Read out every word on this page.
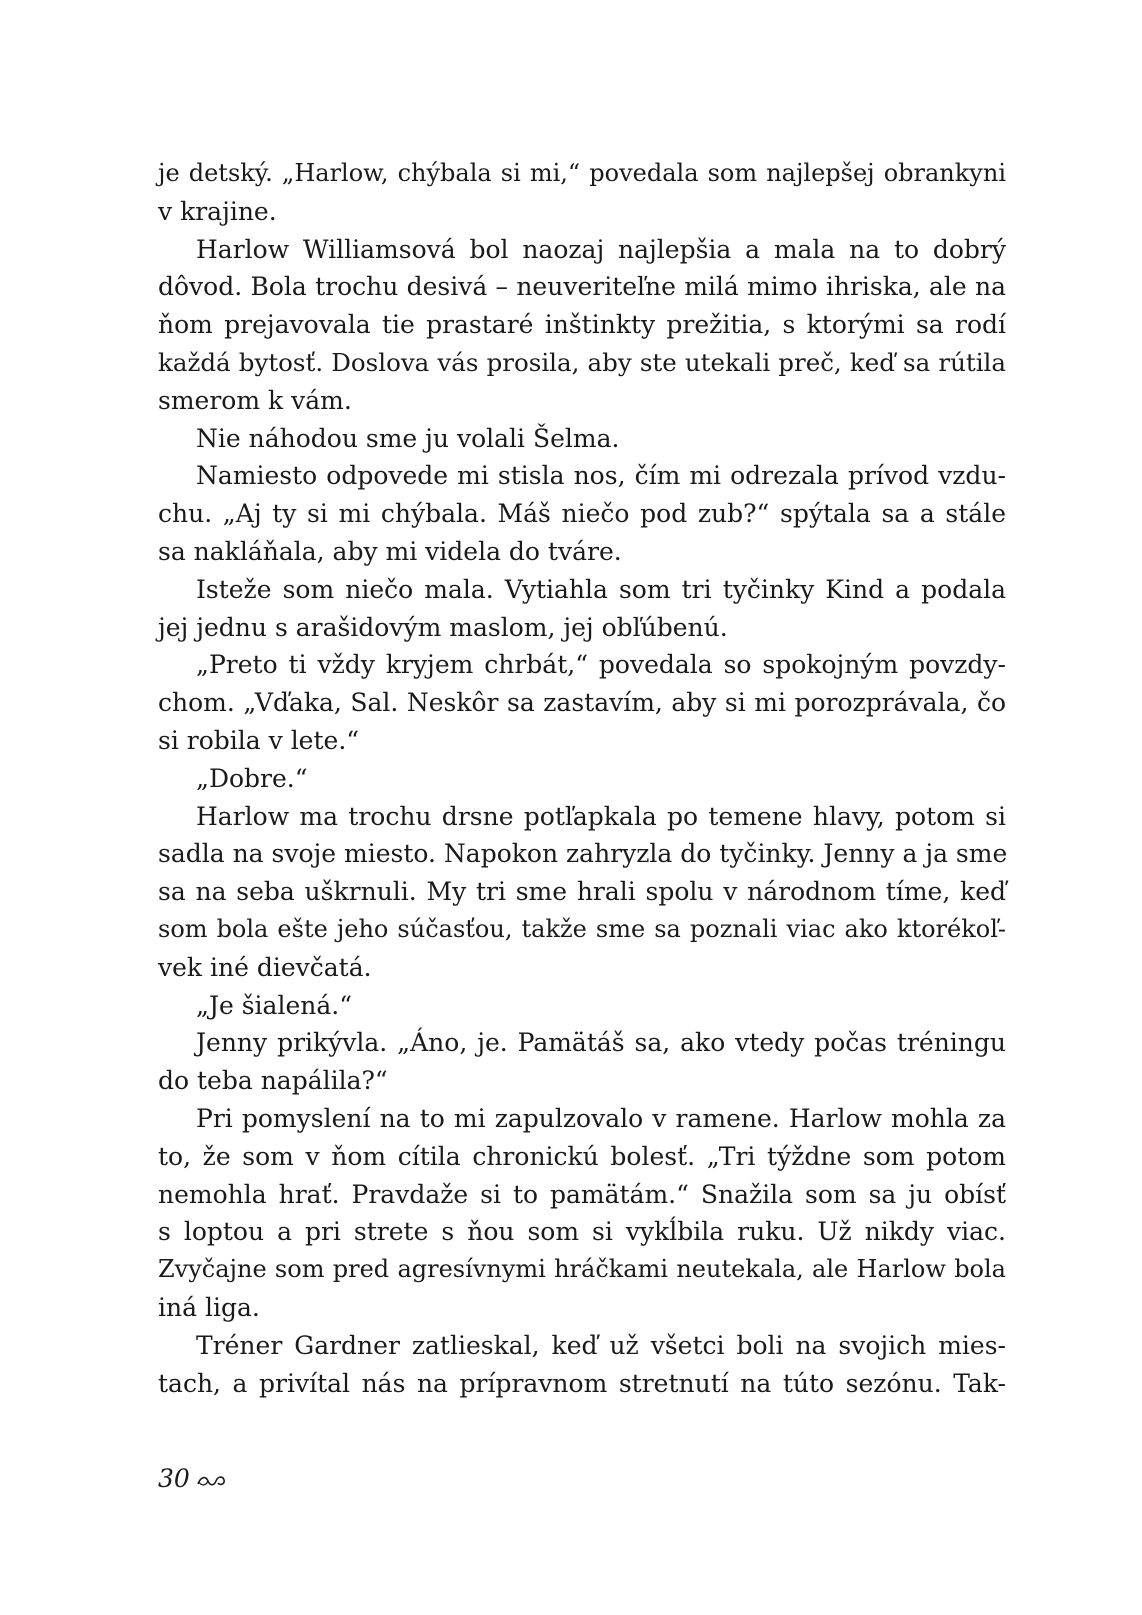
je detský. „Harlow, chýbala si mi,“ povedala som najlepšej obrankyni
v krajine.
Harlow Williamsová bol naozaj najlepšia a mala na to dobrý
dôvod. Bola trochu desivá – neuveriteľne milá mimo ihriska, ale na
ňom prejavovala tie prastaré inštinkty prežitia, s ktorými sa rodí
každá bytosť. Doslova vás prosila, aby ste utekali preč, keď sa rútila
smerom k vám.
Nie náhodou sme ju volali Šelma.
Namiesto odpovede mi stisla nos, čím mi odrezala prívod vzdu-
chu. „Aj ty si mi chýbala. Máš niečo pod zub?“ spýtala sa a stále
sa nakláňala, aby mi videla do tváre.
Isteže som niečo mala. Vytiahla som tri tyčinky Kind a podala
jej jednu s arašidovým maslom, jej obľúbenú.
„Preto ti vždy kryjem chrbát,“ povedala so spokojným povzdy-
chom. „Vďaka, Sal. Neskôr sa zastavím, aby si mi porozprávala, čo
si robila v lete.“
„Dobre.“
Harlow ma trochu drsne potľapkala po temene hlavy, potom si
sadla na svoje miesto. Napokon zahryzla do tyčinky. Jenny a ja sme
sa na seba uškrnuli. My tri sme hrali spolu v národnom tíme, keď
som bola ešte jeho súčasťou, takže sme sa poznali viac ako ktorékoľ-
vek iné dievčatá.
„Je šialená.“
Jenny prikývla. „Áno, je. Pamätáš sa, ako vtedy počas tréningu
do teba napálila?“
Pri pomyslení na to mi zapulzovalo v ramene. Harlow mohla za
to, že som v ňom cítila chronickú bolesť. „Tri týždne som potom
nemohla hrať. Pravdaže si to pamätám.“ Snažila som sa ju obísť
s loptou a pri strete s ňou som si vykĺbila ruku. Už nikdy viac.
Zvyčajne som pred agresívnymi hráčkami neutekala, ale Harlow bola
iná liga.
Tréner Gardner zatlieskal, keď už všetci boli na svojich mies-
tach, a privítal nás na prípravnom stretnutí na túto sezónu. Tak-
30
